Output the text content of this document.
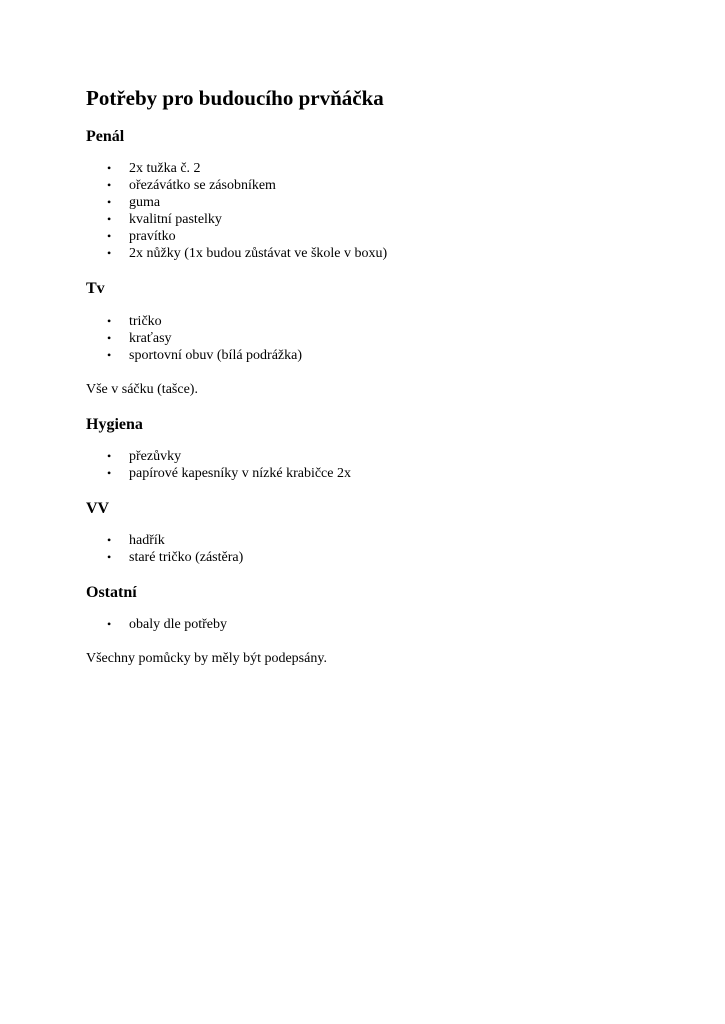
Potřeby pro budoucího prvňáčka
Penál
• 2x tužka č. 2
• ořezávátko se zásobníkem
• guma
• kvalitní pastelky
• pravítko
• 2x nůžky (1x budou zůstávat ve škole v boxu)
Tv
• tričko
• kraťasy
• sportovní obuv (bílá podrážka)

Vše v sáčku (tašce).

Hygiena
• přezůvky
• papírové kapesníky v nízké krabičce 2x
VV
• hadřík
• staré tričko (zástěra)
Ostatní
• obaly dle potřeby

Všechny pomůcky by měly být podepsány.
